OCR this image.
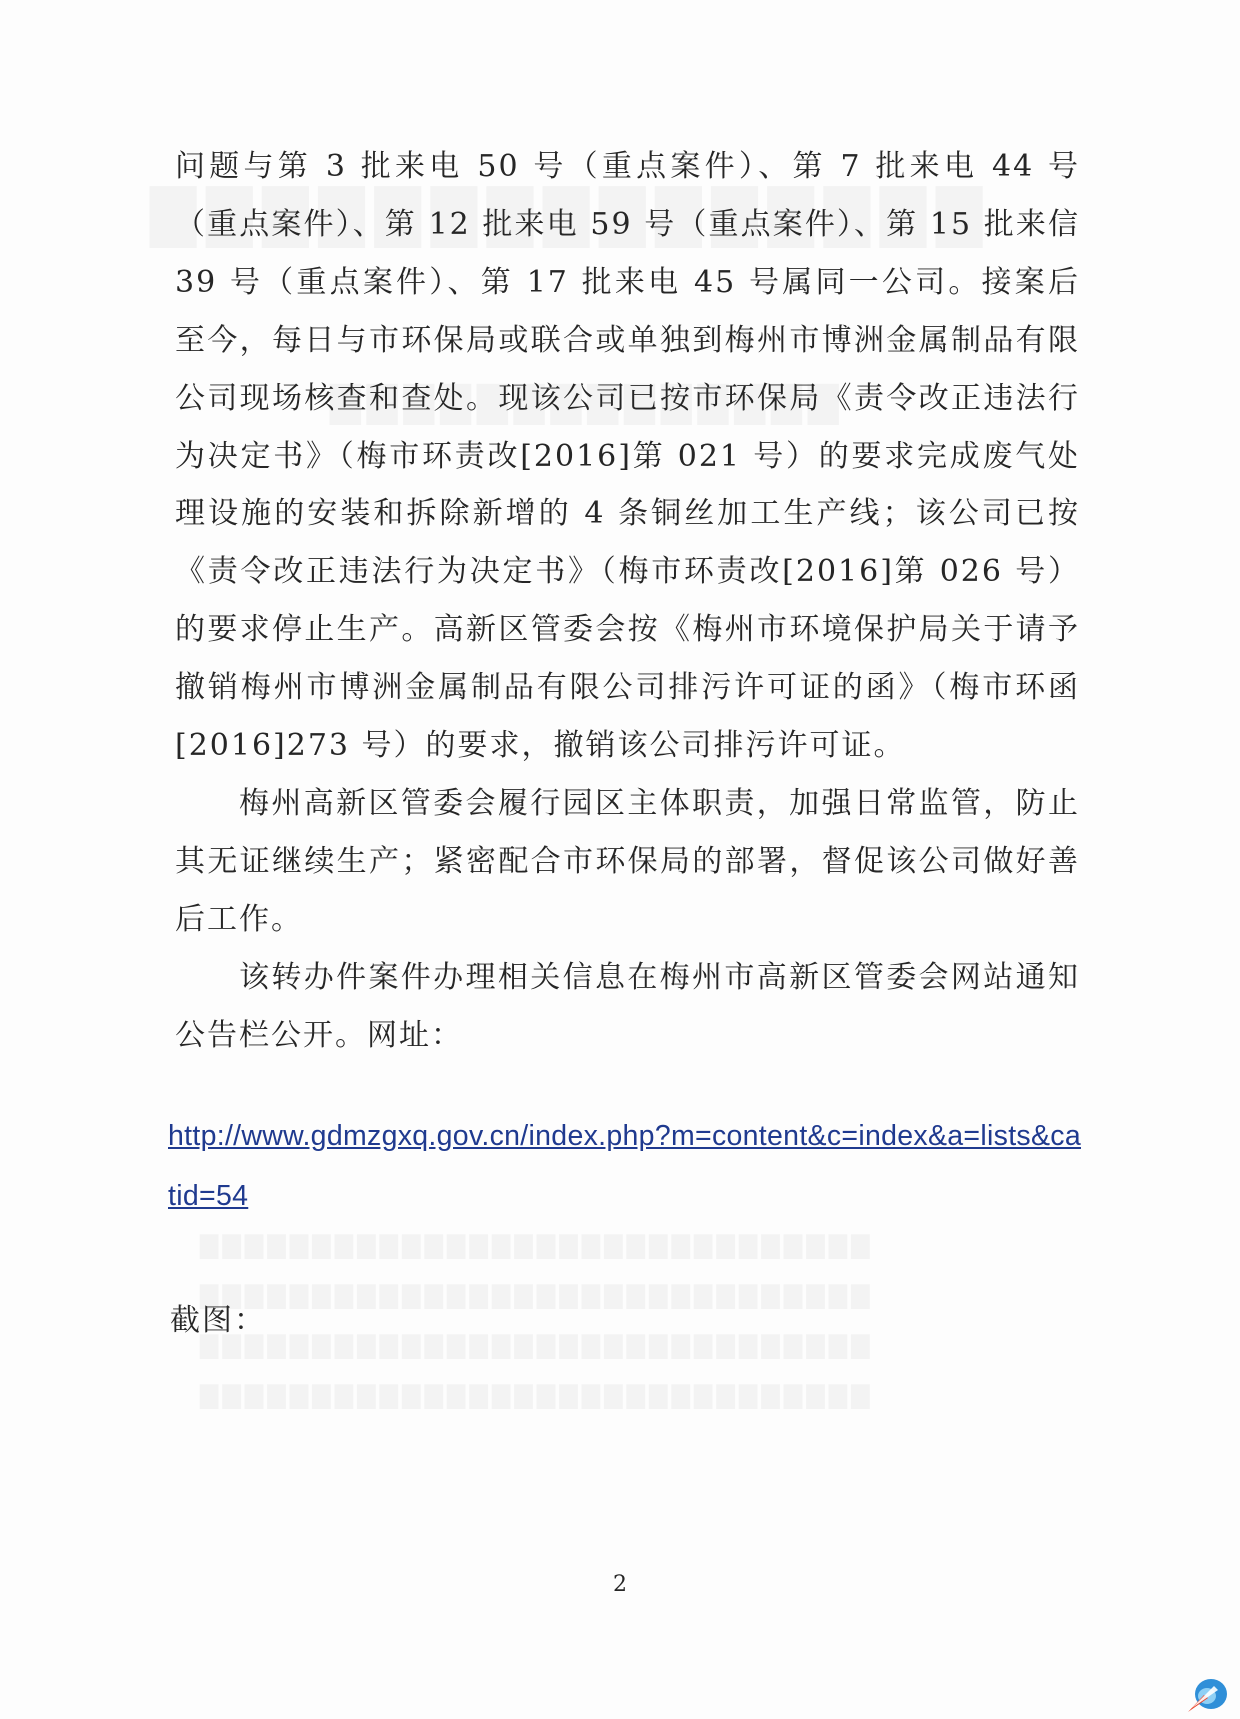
问题与第 3 批来电 50 号（重点案件）、第 7 批来电 44 号（重点案件）、第 12 批来电 59 号（重点案件）、第 15 批来信 39 号（重点案件）、第 17 批来电 45 号属同一公司。接案后至今，每日与市环保局或联合或单独到梅州市博洲金属制品有限公司现场核查和查处。现该公司已按市环保局《责令改正违法行为决定书》（梅市环责改[2016]第 021 号）的要求完成废气处理设施的安装和拆除新增的 4 条铜丝加工生产线；该公司已按《责令改正违法行为决定书》（梅市环责改[2016]第 026 号）的要求停止生产。高新区管委会按《梅州市环境保护局关于请予撤销梅州市博洲金属制品有限公司排污许可证的函》（梅市环函[2016]273 号）的要求，撤销该公司排污许可证。

梅州高新区管委会履行园区主体职责，加强日常监管，防止其无证继续生产；紧密配合市环保局的部署，督促该公司做好善后工作。

该转办件案件办理相关信息在梅州市高新区管委会网站通知公告栏公开。网址：

http://www.gdmzgxq.gov.cn/index.php?m=content&c=index&a=lists&catid=54
截图：
2
